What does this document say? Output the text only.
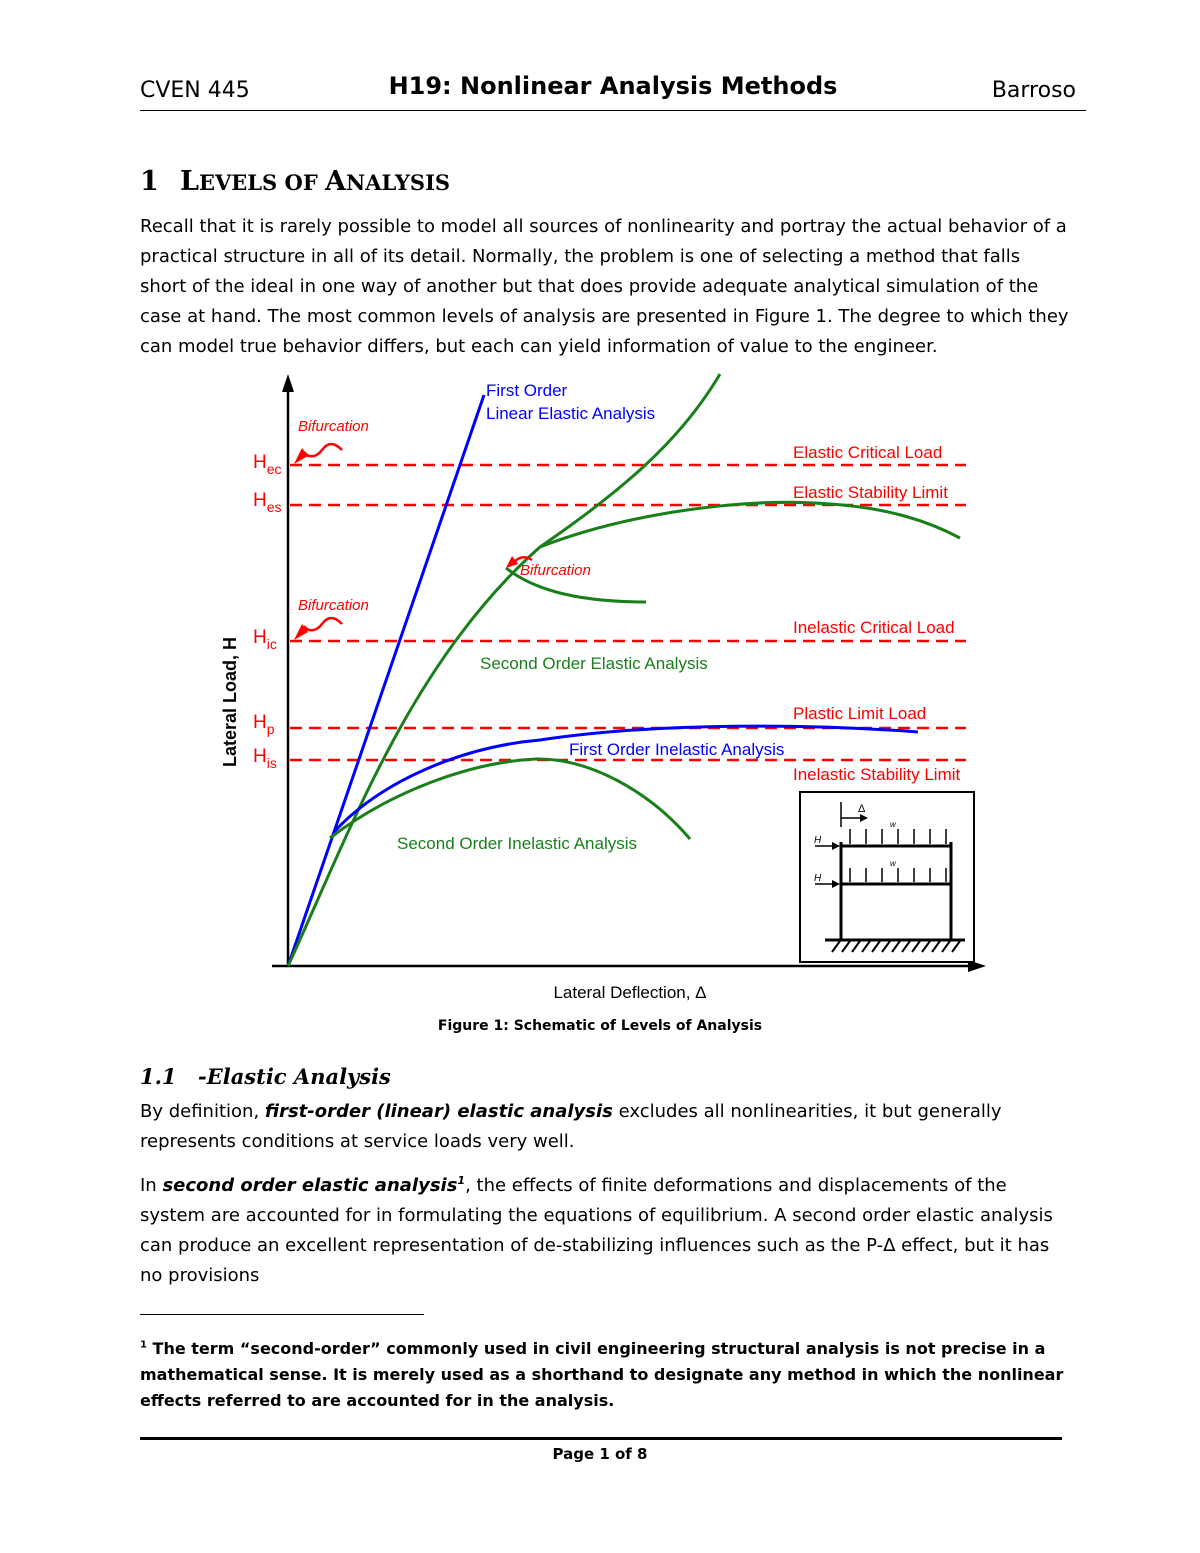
CVEN 445	H19: Nonlinear Analysis Methods	Barroso
1 LEVELS OF ANALYSIS
Recall that it is rarely possible to model all sources of nonlinearity and portray the actual behavior of a practical structure in all of its detail. Normally, the problem is one of selecting a method that falls short of the ideal in one way of another but that does provide adequate analytical simulation of the case at hand. The most common levels of analysis are presented in Figure 1. The degree to which they can model true behavior differs, but each can yield information of value to the engineer.
Bifurcation
Bifurcation
Bifurcation
$H_{ec}$
$H_{es}$
$H_{ic}$
$H_p$
$H_{is}$
Elastic Critical Load
Elastic Stability Limit
Inelastic Critical Load
Plastic Limit Load
Inelastic Stability Limit
First Order
Linear Elastic Analysis
Second Order Elastic Analysis
First Order Inelastic Analysis
Second Order Inelastic Analysis
Lateral Load, H
Lateral Deflection, Δ
Δ
H
H
w
w
Figure 1: Schematic of Levels of Analysis
1.1 -Elastic Analysis
By definition, first-order (linear) elastic analysis excludes all nonlinearities, it but generally represents conditions at service loads very well.
In second order elastic analysis$^1$, the effects of finite deformations and displacements of the system are accounted for in formulating the equations of equilibrium. A second order elastic analysis can produce an excellent representation of de-stabilizing influences such as the P-Δ effect, but it has no provisions
$^1$ The term “second-order” commonly used in civil engineering structural analysis is not precise in a mathematical sense. It is merely used as a shorthand to designate any method in which the nonlinear effects referred to are accounted for in the analysis.
Page 1 of 8
